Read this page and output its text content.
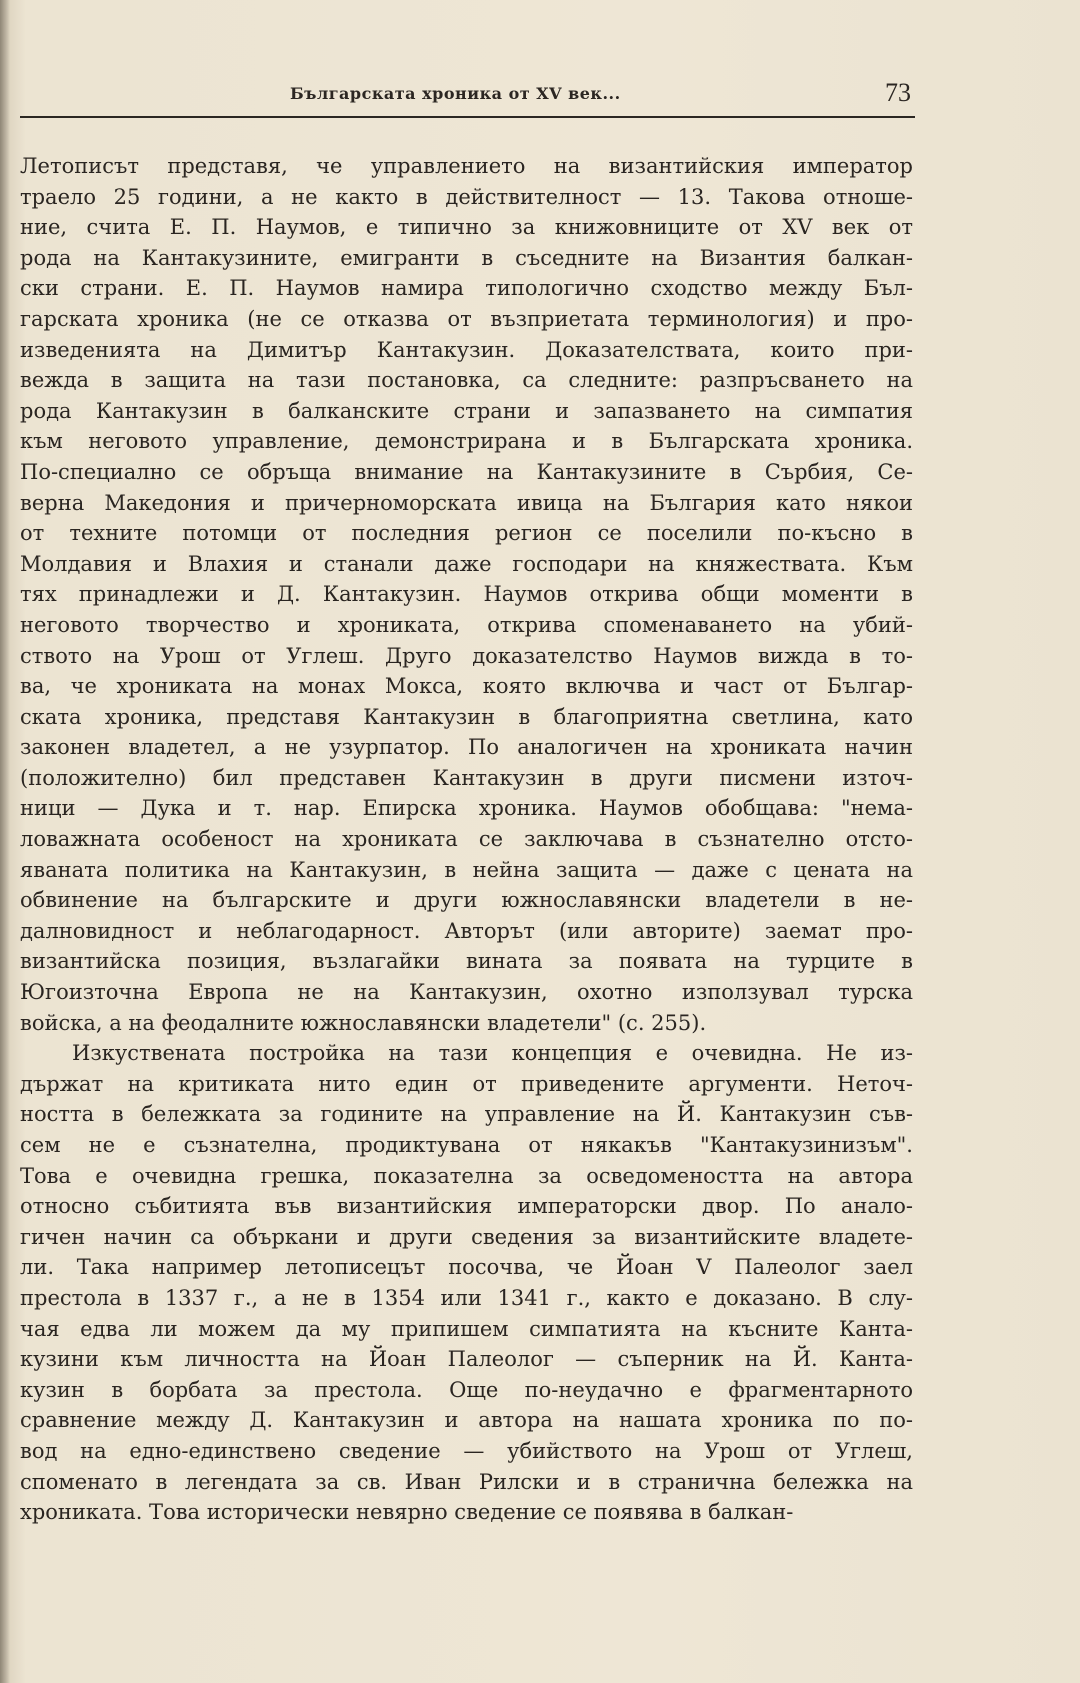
Българската хроника от XV век...	73
Летописът представя, че управлението на византийския император
траело 25 години, а не както в действителност — 13. Такова отноше-
ние, счита Е. П. Наумов, е типично за книжовниците от XV век от
рода на Кантакузините, емигранти в съседните на Византия балкан-
ски страни. Е. П. Наумов намира типологично сходство между Бъл-
гарската хроника (не се отказва от възприетата терминология) и про-
изведенията на Димитър Кантакузин. Доказателствата, които при-
вежда в защита на тази постановка, са следните: разпръсването на
рода Кантакузин в балканските страни и запазването на симпатия
към неговото управление, демонстрирана и в Българската хроника.
По-специално се обръща внимание на Кантакузините в Сърбия, Се-
верна Македония и причерноморската ивица на България като някои
от техните потомци от последния регион се поселили по-късно в
Молдавия и Влахия и станали даже господари на княжествата. Към
тях принадлежи и Д. Кантакузин. Наумов открива общи моменти в
неговото творчество и хрониката, открива споменаването на убий-
ството на Урош от Углеш. Друго доказателство Наумов вижда в то-
ва, че хрониката на монах Мокса, която включва и част от Българ-
ската хроника, представя Кантакузин в благоприятна светлина, като
законен владетел, а не узурпатор. По аналогичен на хрониката начин
(положително) бил представен Кантакузин в други писмени източ-
ници — Дука и т. нар. Епирска хроника. Наумов обобщава: "нема-
ловажната особеност на хрониката се заключава в съзнателно отсто-
яваната политика на Кантакузин, в нейна защита — даже с цената на
обвинение на българските и други южнославянски владетели в не-
далновидност и неблагодарност. Авторът (или авторите) заемат про-
византийска позиция, възлагайки вината за появата на турците в
Югоизточна Европа не на Кантакузин, охотно използувал турска
войска, а на феодалните южнославянски владетели" (с. 255).
Изкуствената постройка на тази концепция е очевидна. Не из-
държат на критиката нито един от приведените аргументи. Неточ-
ността в бележката за годините на управление на Й. Кантакузин съв-
сем не е съзнателна, продиктувана от някакъв "Кантакузинизъм".
Това е очевидна грешка, показателна за осведомеността на автора
относно събитията във византийския императорски двор. По анало-
гичен начин са объркани и други сведения за византийските владете-
ли. Така например летописецът посочва, че Йоан V Палеолог заел
престола в 1337 г., а не в 1354 или 1341 г., както е доказано. В слу-
чая едва ли можем да му припишем симпатията на късните Канта-
кузини към личността на Йоан Палеолог — съперник на Й. Канта-
кузин в борбата за престола. Още по-неудачно е фрагментарното
сравнение между Д. Кантакузин и автора на нашата хроника по по-
вод на едно-единствено сведение — убийството на Урош от Углеш,
споменато в легендата за св. Иван Рилски и в странична бележка на
хрониката. Това исторически невярно сведение се появява в балкан-
